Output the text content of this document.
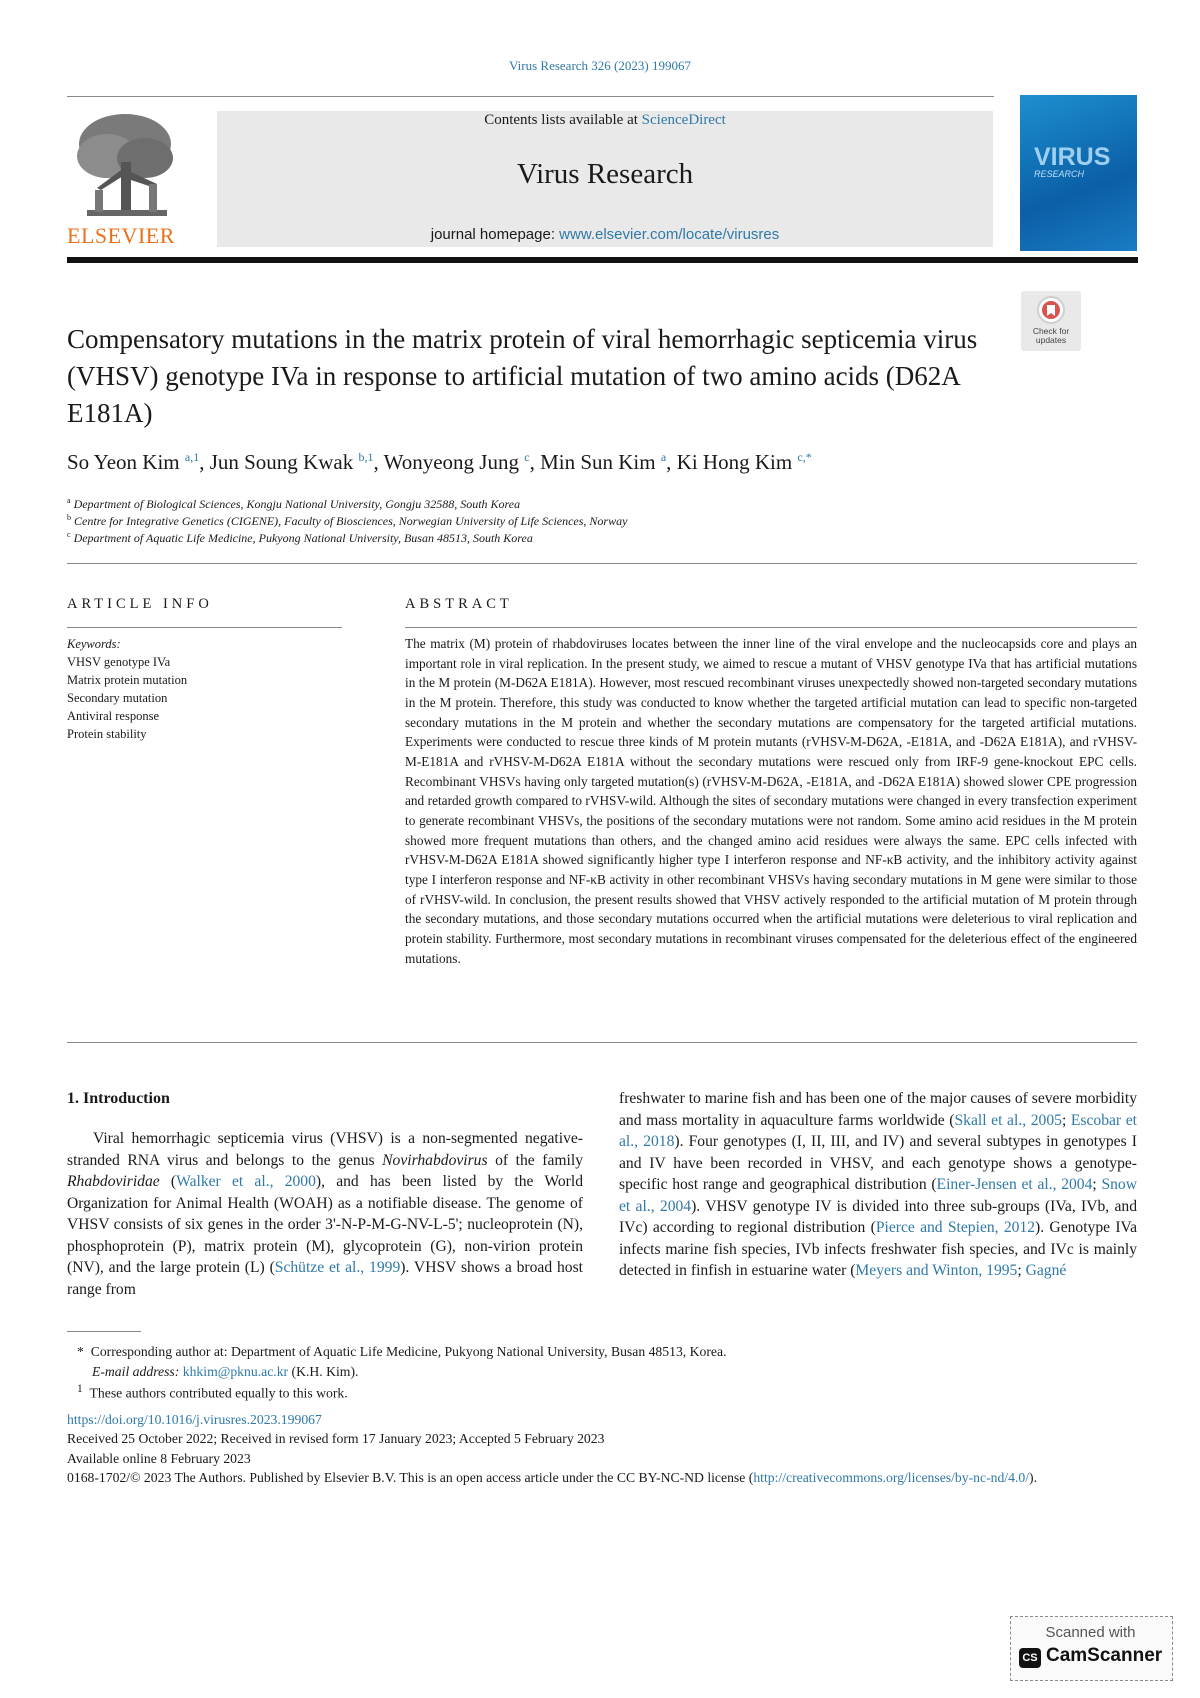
Virus Research 326 (2023) 199067
ELSEVIER
Contents lists available at ScienceDirect
Virus Research
journal homepage: www.elsevier.com/locate/virusres
VIRUS
RESEARCH
Check for updates
Compensatory mutations in the matrix protein of viral hemorrhagic septicemia virus (VHSV) genotype IVa in response to artificial mutation of two amino acids (D62A E181A)
So Yeon Kim $^{a,1}$, Jun Soung Kwak $^{b,1}$, Wonyeong Jung $^c$, Min Sun Kim $^a$, Ki Hong Kim $^{c,*}$
$^a$ Department of Biological Sciences, Kongju National University, Gongju 32588, South Korea
$^b$ Centre for Integrative Genetics (CIGENE), Faculty of Biosciences, Norwegian University of Life Sciences, Norway
$^c$ Department of Aquatic Life Medicine, Pukyong National University, Busan 48513, South Korea
ARTICLE INFO
Keywords:
VHSV genotype IVa
Matrix protein mutation
Secondary mutation
Antiviral response
Protein stability
ABSTRACT
The matrix (M) protein of rhabdoviruses locates between the inner line of the viral envelope and the nucleocapsids core and plays an important role in viral replication. In the present study, we aimed to rescue a mutant of VHSV genotype IVa that has artificial mutations in the M protein (M-D62A E181A). However, most rescued recombinant viruses unexpectedly showed non-targeted secondary mutations in the M protein. Therefore, this study was conducted to know whether the targeted artificial mutation can lead to specific non-targeted secondary mutations in the M protein and whether the secondary mutations are compensatory for the targeted artificial mutations. Experiments were conducted to rescue three kinds of M protein mutants (rVHSV-M-D62A, -E181A, and -D62A E181A), and rVHSV-M-E181A and rVHSV-M-D62A E181A without the secondary mutations were rescued only from IRF-9 gene-knockout EPC cells. Recombinant VHSVs having only targeted mutation(s) (rVHSV-M-D62A, -E181A, and -D62A E181A) showed slower CPE progression and retarded growth compared to rVHSV-wild. Although the sites of secondary mutations were changed in every transfection experiment to generate recombinant VHSVs, the positions of the secondary mutations were not random. Some amino acid residues in the M protein showed more frequent mutations than others, and the changed amino acid residues were always the same. EPC cells infected with rVHSV-M-D62A E181A showed significantly higher type I interferon response and NF-κB activity, and the inhibitory activity against type I interferon response and NF-κB activity in other recombinant VHSVs having secondary mutations in M gene were similar to those of rVHSV-wild. In conclusion, the present results showed that VHSV actively responded to the artificial mutation of M protein through the secondary mutations, and those secondary mutations occurred when the artificial mutations were deleterious to viral replication and protein stability. Furthermore, most secondary mutations in recombinant viruses compensated for the deleterious effect of the engineered mutations.
1. Introduction
Viral hemorrhagic septicemia virus (VHSV) is a non-segmented negative-stranded RNA virus and belongs to the genus Novirhabdovirus of the family Rhabdoviridae (Walker et al., 2000), and has been listed by the World Organization for Animal Health (WOAH) as a notifiable disease. The genome of VHSV consists of six genes in the order 3'-N-P-M-G-NV-L-5'; nucleoprotein (N), phosphoprotein (P), matrix protein (M), glycoprotein (G), non-virion protein (NV), and the large protein (L) (Schütze et al., 1999). VHSV shows a broad host range from
freshwater to marine fish and has been one of the major causes of severe morbidity and mass mortality in aquaculture farms worldwide (Skall et al., 2005; Escobar et al., 2018). Four genotypes (I, II, III, and IV) and several subtypes in genotypes I and IV have been recorded in VHSV, and each genotype shows a genotype-specific host range and geographical distribution (Einer-Jensen et al., 2004; Snow et al., 2004). VHSV genotype IV is divided into three sub-groups (IVa, IVb, and IVc) according to regional distribution (Pierce and Stepien, 2012). Genotype IVa infects marine fish species, IVb infects freshwater fish species, and IVc is mainly detected in finfish in estuarine water (Meyers and Winton, 1995; Gagné
* Corresponding author at: Department of Aquatic Life Medicine, Pukyong National University, Busan 48513, Korea.
E-mail address: khkim@pknu.ac.kr (K.H. Kim).
$^1$ These authors contributed equally to this work.
https://doi.org/10.1016/j.virusres.2023.199067
Received 25 October 2022; Received in revised form 17 January 2023; Accepted 5 February 2023
Available online 8 February 2023
0168-1702/© 2023 The Authors. Published by Elsevier B.V. This is an open access article under the CC BY-NC-ND license (http://creativecommons.org/licenses/by-nc-nd/4.0/).
Scanned with
CS CamScanner
